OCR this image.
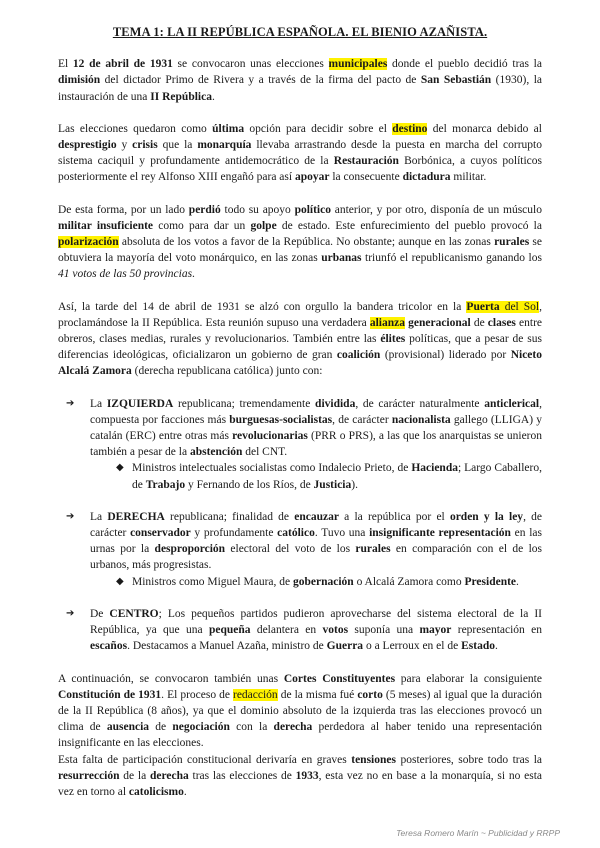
TEMA 1: LA II REPÚBLICA ESPAÑOLA. EL BIENIO AZAÑISTA.

El 12 de abril de 1931 se convocaron unas elecciones municipales donde el pueblo decidió tras la dimisión del dictador Primo de Rivera y a través de la firma del pacto de San Sebastián (1930), la instauración de una II República.

Las elecciones quedaron como última opción para decidir sobre el destino del monarca debido al desprestigio y crisis que la monarquía llevaba arrastrando desde la puesta en marcha del corrupto sistema caciquil y profundamente antidemocrático de la Restauración Borbónica, a cuyos políticos posteriormente el rey Alfonso XIII engañó para así apoyar la consecuente dictadura militar.

De esta forma, por un lado perdió todo su apoyo político anterior, y por otro, disponía de un músculo militar insuficiente como para dar un golpe de estado. Este enfurecimiento del pueblo provocó la polarización absoluta de los votos a favor de la República. No obstante; aunque en las zonas rurales se obtuviera la mayoría del voto monárquico, en las zonas urbanas triunfó el republicanismo ganando los 41 votos de las 50 provincias.

Así, la tarde del 14 de abril de 1931 se alzó con orgullo la bandera tricolor en la Puerta del Sol, proclamándose la II República. Esta reunión supuso una verdadera alianza generacional de clases entre obreros, clases medias, rurales y revolucionarios. También entre las élites políticas, que a pesar de sus diferencias ideológicas, oficializaron un gobierno de gran coalición (provisional) liderado por Niceto Alcalá Zamora (derecha republicana católica) junto con:

➔ La IZQUIERDA republicana; tremendamente dividida, de carácter naturalmente anticlerical, compuesta por facciones más burguesas-socialistas, de carácter nacionalista gallego (LLIGA) y catalán (ERC) entre otras más revolucionarias (PRR o PRS), a las que los anarquistas se unieron también a pesar de la abstención del CNT.
◆ Ministros intelectuales socialistas como Indalecio Prieto, de Hacienda; Largo Caballero, de Trabajo y Fernando de los Ríos, de Justicia).
➔ La DERECHA republicana; finalidad de encauzar a la república por el orden y la ley, de carácter conservador y profundamente católico. Tuvo una insignificante representación en las urnas por la desproporción electoral del voto de los rurales en comparación con el de los urbanos, más progresistas.
◆ Ministros como Miguel Maura, de gobernación o Alcalá Zamora como Presidente.
➔ De CENTRO; Los pequeños partidos pudieron aprovecharse del sistema electoral de la II República, ya que una pequeña delantera en votos suponía una mayor representación en escaños. Destacamos a Manuel Azaña, ministro de Guerra o a Lerroux en el de Estado.

A continuación, se convocaron también unas Cortes Constituyentes para elaborar la consiguiente Constitución de 1931. El proceso de redacción de la misma fué corto (5 meses) al igual que la duración de la II República (8 años), ya que el dominio absoluto de la izquierda tras las elecciones provocó un clima de ausencia de negociación con la derecha perdedora al haber tenido una representación insignificante en las elecciones.

Esta falta de participación constitucional derivaría en graves tensiones posteriores, sobre todo tras la resurrección de la derecha tras las elecciones de 1933, esta vez no en base a la monarquía, si no esta vez en torno al catolicismo.

Teresa Romero Marín ~ Publicidad y RRPP
